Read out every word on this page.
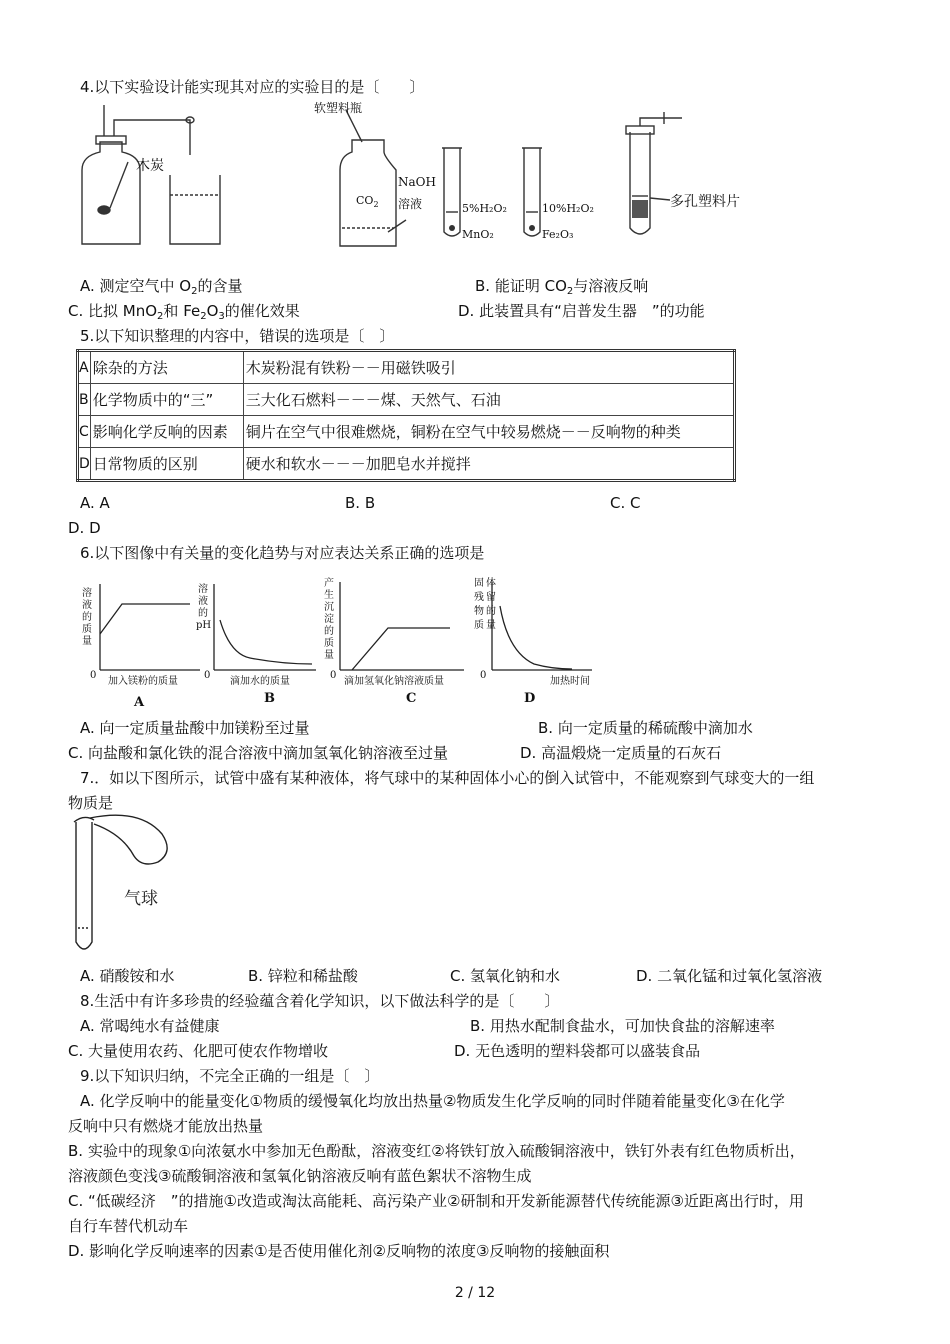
4.以下实验设计能实现其对应的实验目的是〔　　〕
木炭
软塑料瓶
$CO_2$
NaOH
溶液	5%H₂O₂
MnO₂
10%H₂O₂
Fe₂O₃
多孔塑料片
A. 测定空气中 $O_2$的含量	B. 能证明 $CO_2$与溶液反响
C. 比拟 MnO$_2$和 $Fe_2O_3$的催化效果	D. 此装置具有“启普发生器　”的功能
5.以下知识整理的内容中，错误的选项是〔　〕
A	除杂的方法	木炭粉混有铁粉－－用磁铁吸引
B	化学物质中的“三”	三大化石燃料－－－煤、天然气、石油
C	影响化学反响的因素	铜片在空气中很难燃烧，铜粉在空气中较易燃烧－－反响物的种类
D	日常物质的区别	硬水和软水－－－加肥皂水并搅拌
A. A	B. B	C. C
D. D
6.以下图像中有关量的变化趋势与对应表达关系正确的选项是
溶
液
的
质
量
0
加入镁粉的质量
溶
液
的
pH
0
滴加水的质量
产
生
沉
淀
的
质
量
0
滴加氢氧化钠溶液质量
固 体
残 留
物 的
质 量
0
加热时间
A	B	C	D
A. 向一定质量盐酸中加镁粉至过量	B. 向一定质量的稀硫酸中滴加水
C. 向盐酸和氯化铁的混合溶液中滴加氢氧化钠溶液至过量	D. 高温煅烧一定质量的石灰石
7.．如以下图所示，试管中盛有某种液体，将气球中的某种固体小心的倒入试管中，不能观察到气球变大的一组
物质是
气球
A. 硝酸铵和水	B. 锌粒和稀盐酸	C. 氢氧化钠和水	D. 二氧化锰和过氧化氢溶液
8.生活中有许多珍贵的经验蕴含着化学知识，以下做法科学的是〔　　〕
A. 常喝纯水有益健康	B. 用热水配制食盐水，可加快食盐的溶解速率
C. 大量使用农药、化肥可使农作物增收	D. 无色透明的塑料袋都可以盛装食品
9.以下知识归纳，不完全正确的一组是〔　〕
A. 化学反响中的能量变化①物质的缓慢氧化均放出热量②物质发生化学反响的同时伴随着能量变化③在化学
反响中只有燃烧才能放出热量
B. 实验中的现象①向浓氨水中参加无色酚酞，溶液变红②将铁钉放入硫酸铜溶液中，铁钉外表有红色物质析出，
溶液颜色变浅③硫酸铜溶液和氢氧化钠溶液反响有蓝色絮状不溶物生成
C. “低碳经济　”的措施①改造或淘汰高能耗、高污染产业②研制和开发新能源替代传统能源③近距离出行时，用
自行车替代机动车
D. 影响化学反响速率的因素①是否使用催化剂②反响物的浓度③反响物的接触面积
2 / 12
